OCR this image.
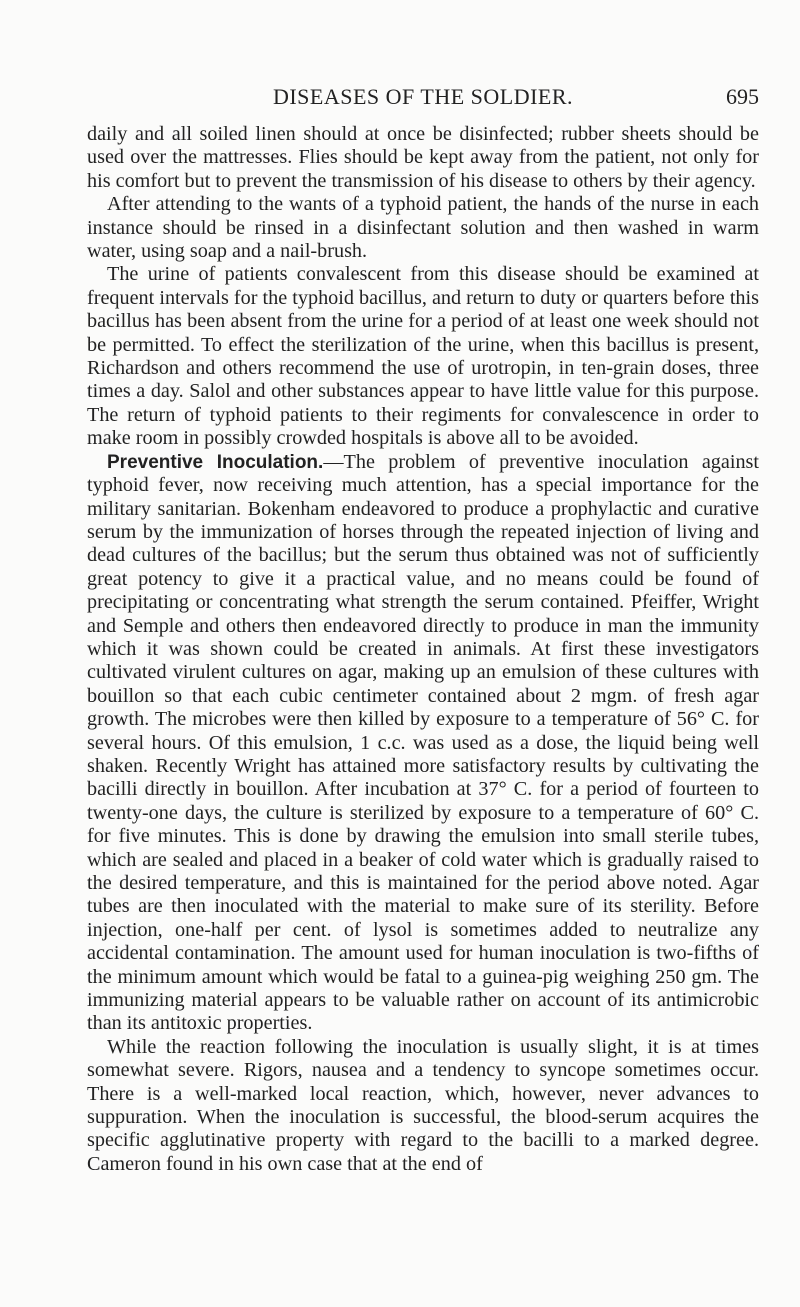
DISEASES OF THE SOLDIER.	695

daily and all soiled linen should at once be disinfected; rubber sheets should be used over the mattresses. Flies should be kept away from the patient, not only for his comfort but to prevent the transmission of his disease to others by their agency.

After attending to the wants of a typhoid patient, the hands of the nurse in each instance should be rinsed in a disinfectant solution and then washed in warm water, using soap and a nail-brush.

The urine of patients convalescent from this disease should be examined at frequent intervals for the typhoid bacillus, and return to duty or quarters before this bacillus has been absent from the urine for a period of at least one week should not be permitted. To effect the sterilization of the urine, when this bacillus is present, Richardson and others recommend the use of urotropin, in ten-grain doses, three times a day. Salol and other substances appear to have little value for this purpose. The return of typhoid patients to their regiments for convalescence in order to make room in possibly crowded hospitals is above all to be avoided.

Preventive Inoculation.—The problem of preventive inoculation against typhoid fever, now receiving much attention, has a special importance for the military sanitarian. Bokenham endeavored to produce a prophylactic and curative serum by the immunization of horses through the repeated injection of living and dead cultures of the bacillus; but the serum thus obtained was not of sufficiently great potency to give it a practical value, and no means could be found of precipitating or concentrating what strength the serum contained. Pfeiffer, Wright and Semple and others then endeavored directly to produce in man the immunity which it was shown could be created in animals. At first these investigators cultivated virulent cultures on agar, making up an emulsion of these cultures with bouillon so that each cubic centimeter contained about 2 mgm. of fresh agar growth. The microbes were then killed by exposure to a temperature of 56° C. for several hours. Of this emulsion, 1 c.c. was used as a dose, the liquid being well shaken. Recently Wright has attained more satisfactory results by cultivating the bacilli directly in bouillon. After incubation at 37° C. for a period of fourteen to twenty-one days, the culture is sterilized by exposure to a temperature of 60° C. for five minutes. This is done by drawing the emulsion into small sterile tubes, which are sealed and placed in a beaker of cold water which is gradually raised to the desired temperature, and this is maintained for the period above noted. Agar tubes are then inoculated with the material to make sure of its sterility. Before injection, one-half per cent. of lysol is sometimes added to neutralize any accidental contamination. The amount used for human inoculation is two-fifths of the minimum amount which would be fatal to a guinea-pig weighing 250 gm. The immunizing material appears to be valuable rather on account of its antimicrobic than its antitoxic properties.

While the reaction following the inoculation is usually slight, it is at times somewhat severe. Rigors, nausea and a tendency to syncope sometimes occur. There is a well-marked local reaction, which, however, never advances to suppuration. When the inoculation is successful, the blood-serum acquires the specific agglutinative property with regard to the bacilli to a marked degree. Cameron found in his own case that at the end of
